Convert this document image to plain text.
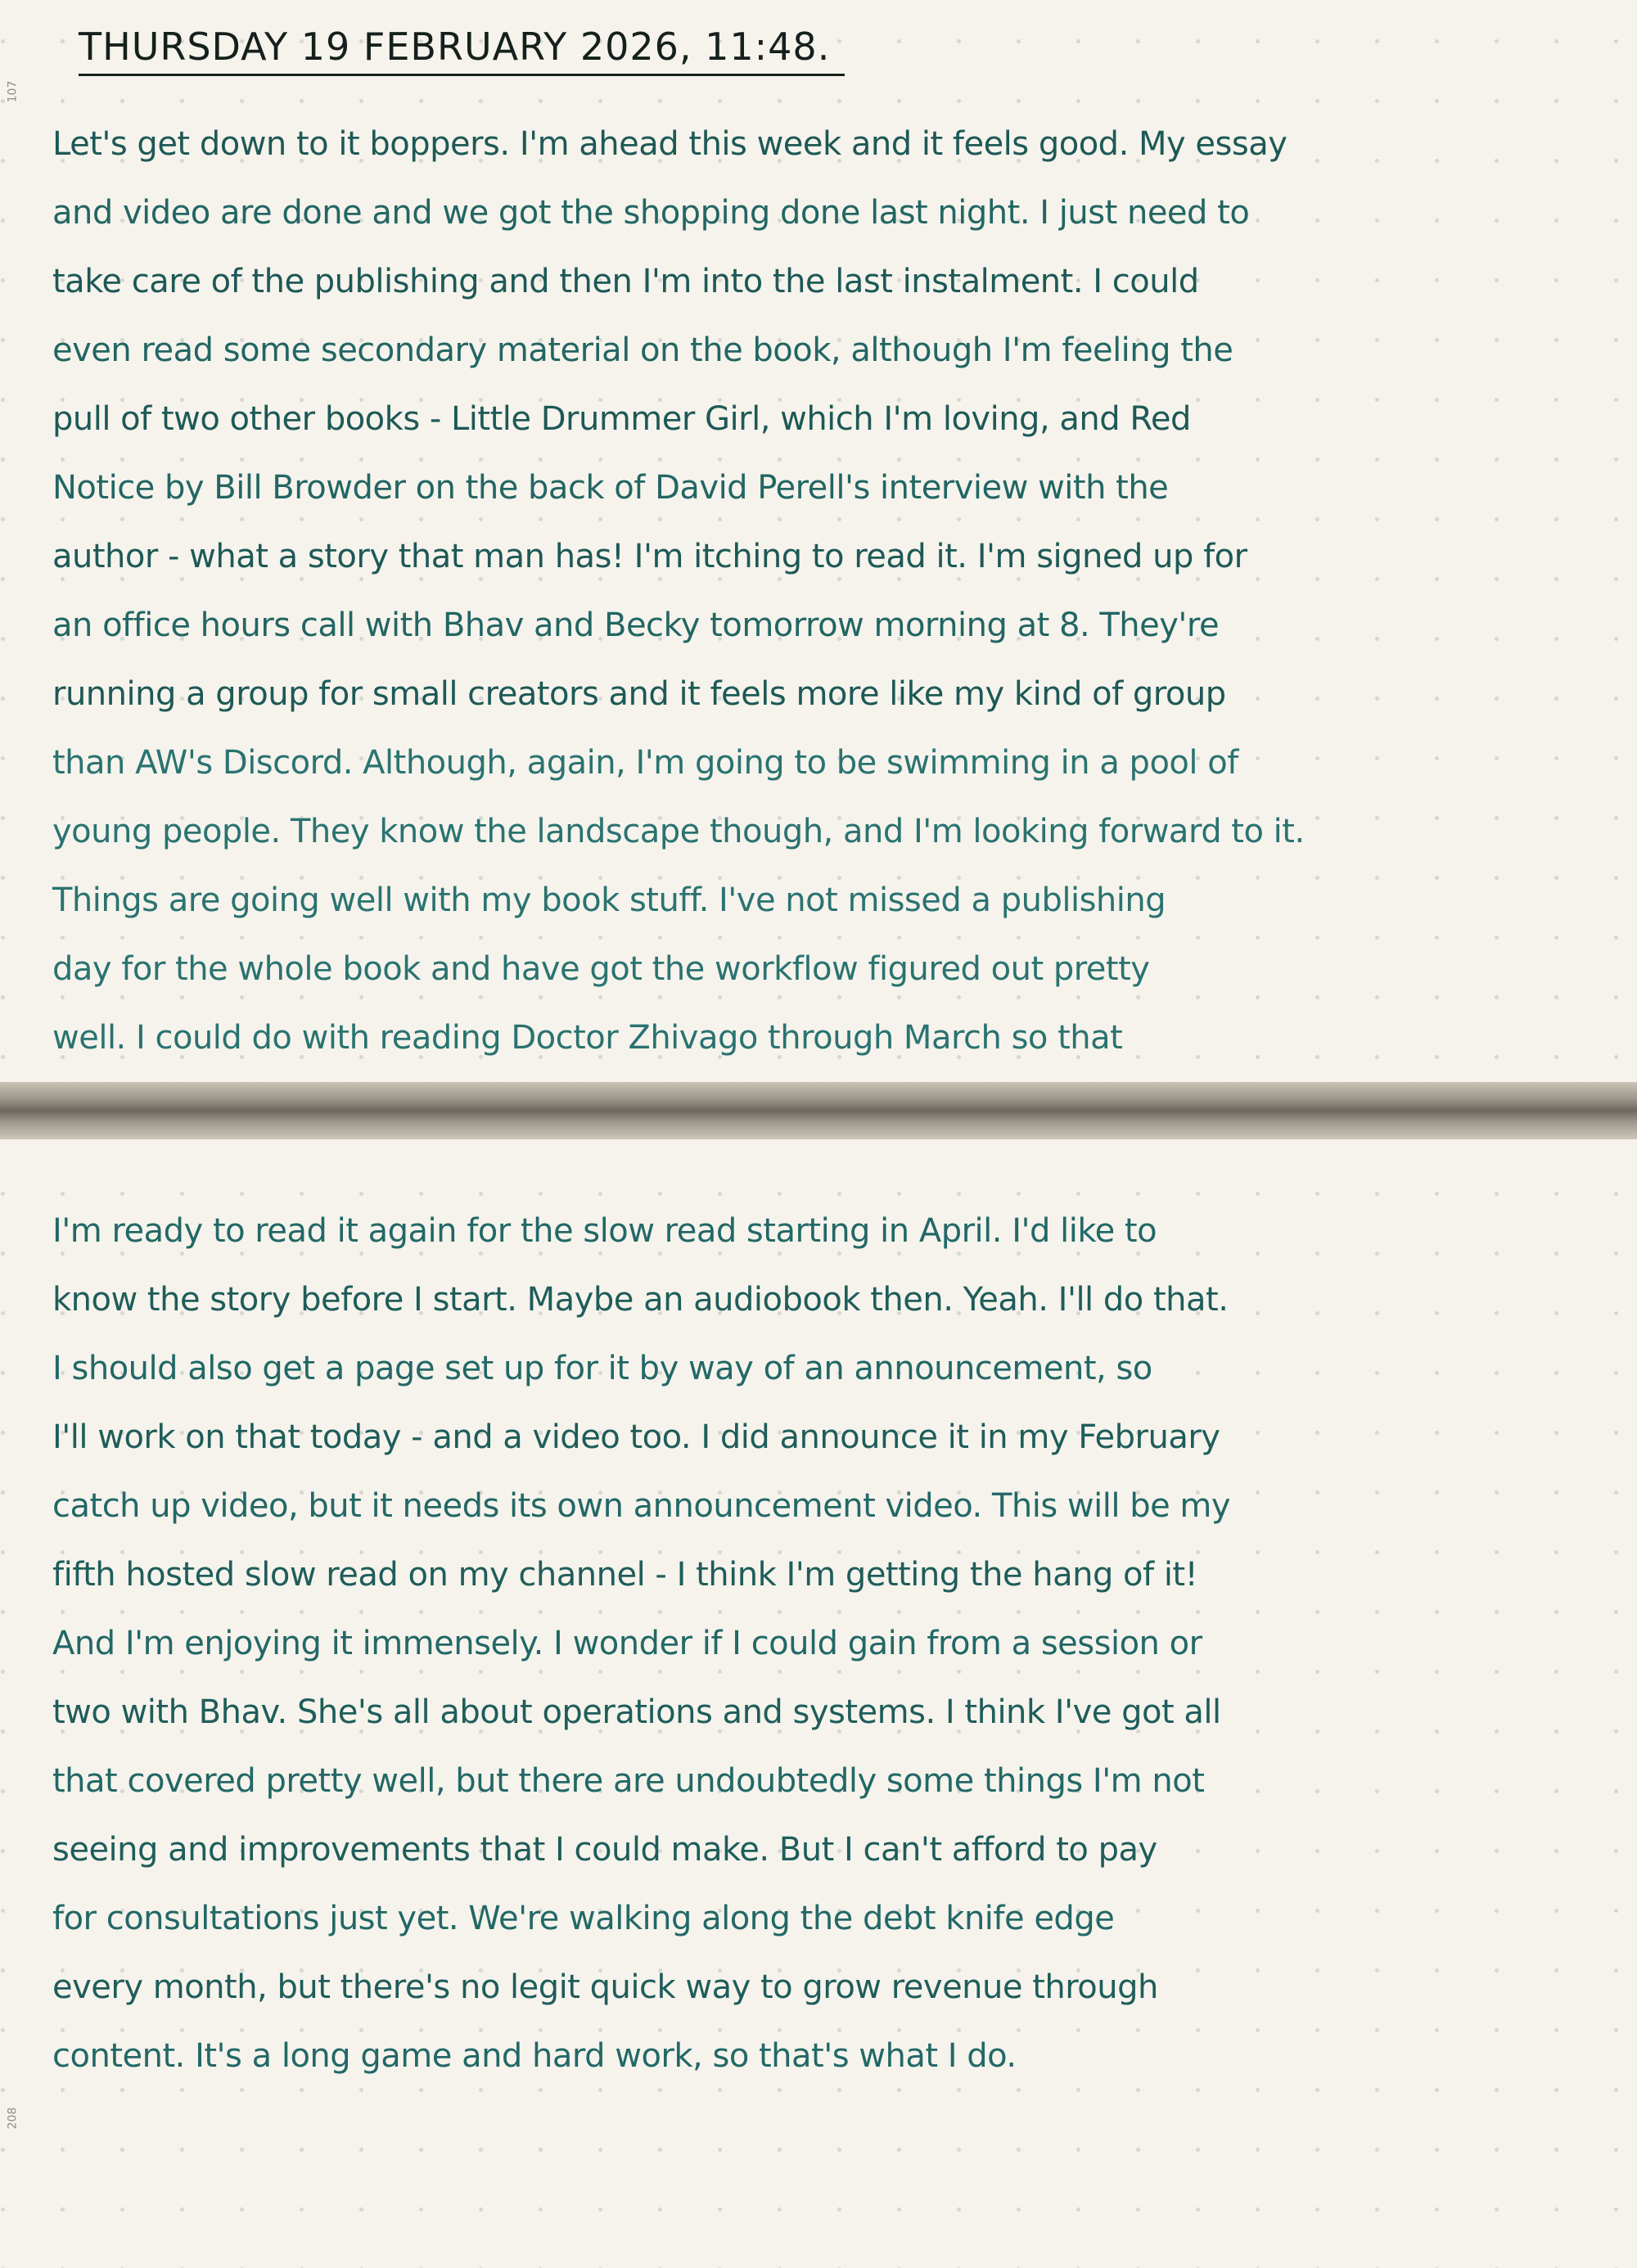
107
THURSDAY 19 FEBRUARY 2026, 11:48.
Let's get down to it boppers. I'm ahead this week and it feels good. My essay
and video are done and we got the shopping done last night. I just need to
take care of the publishing and then I'm into the last instalment. I could
even read some secondary material on the book, although I'm feeling the
pull of two other books - Little Drummer Girl, which I'm loving, and Red
Notice by Bill Browder on the back of David Perell's interview with the
author - what a story that man has! I'm itching to read it. I'm signed up for
an office hours call with Bhav and Becky tomorrow morning at 8. They're
running a group for small creators and it feels more like my kind of group
than AW's Discord. Although, again, I'm going to be swimming in a pool of
young people. They know the landscape though, and I'm looking forward to it.
Things are going well with my book stuff. I've not missed a publishing
day for the whole book and have got the workflow figured out pretty
well. I could do with reading Doctor Zhivago through March so that
I'm ready to read it again for the slow read starting in April. I'd like to
know the story before I start. Maybe an audiobook then. Yeah. I'll do that.
I should also get a page set up for it by way of an announcement, so
I'll work on that today - and a video too. I did announce it in my February
catch up video, but it needs its own announcement video. This will be my
fifth hosted slow read on my channel - I think I'm getting the hang of it!
And I'm enjoying it immensely. I wonder if I could gain from a session or
two with Bhav. She's all about operations and systems. I think I've got all
that covered pretty well, but there are undoubtedly some things I'm not
seeing and improvements that I could make. But I can't afford to pay
for consultations just yet. We're walking along the debt knife edge
every month, but there's no legit quick way to grow revenue through
content. It's a long game and hard work, so that's what I do.
208
